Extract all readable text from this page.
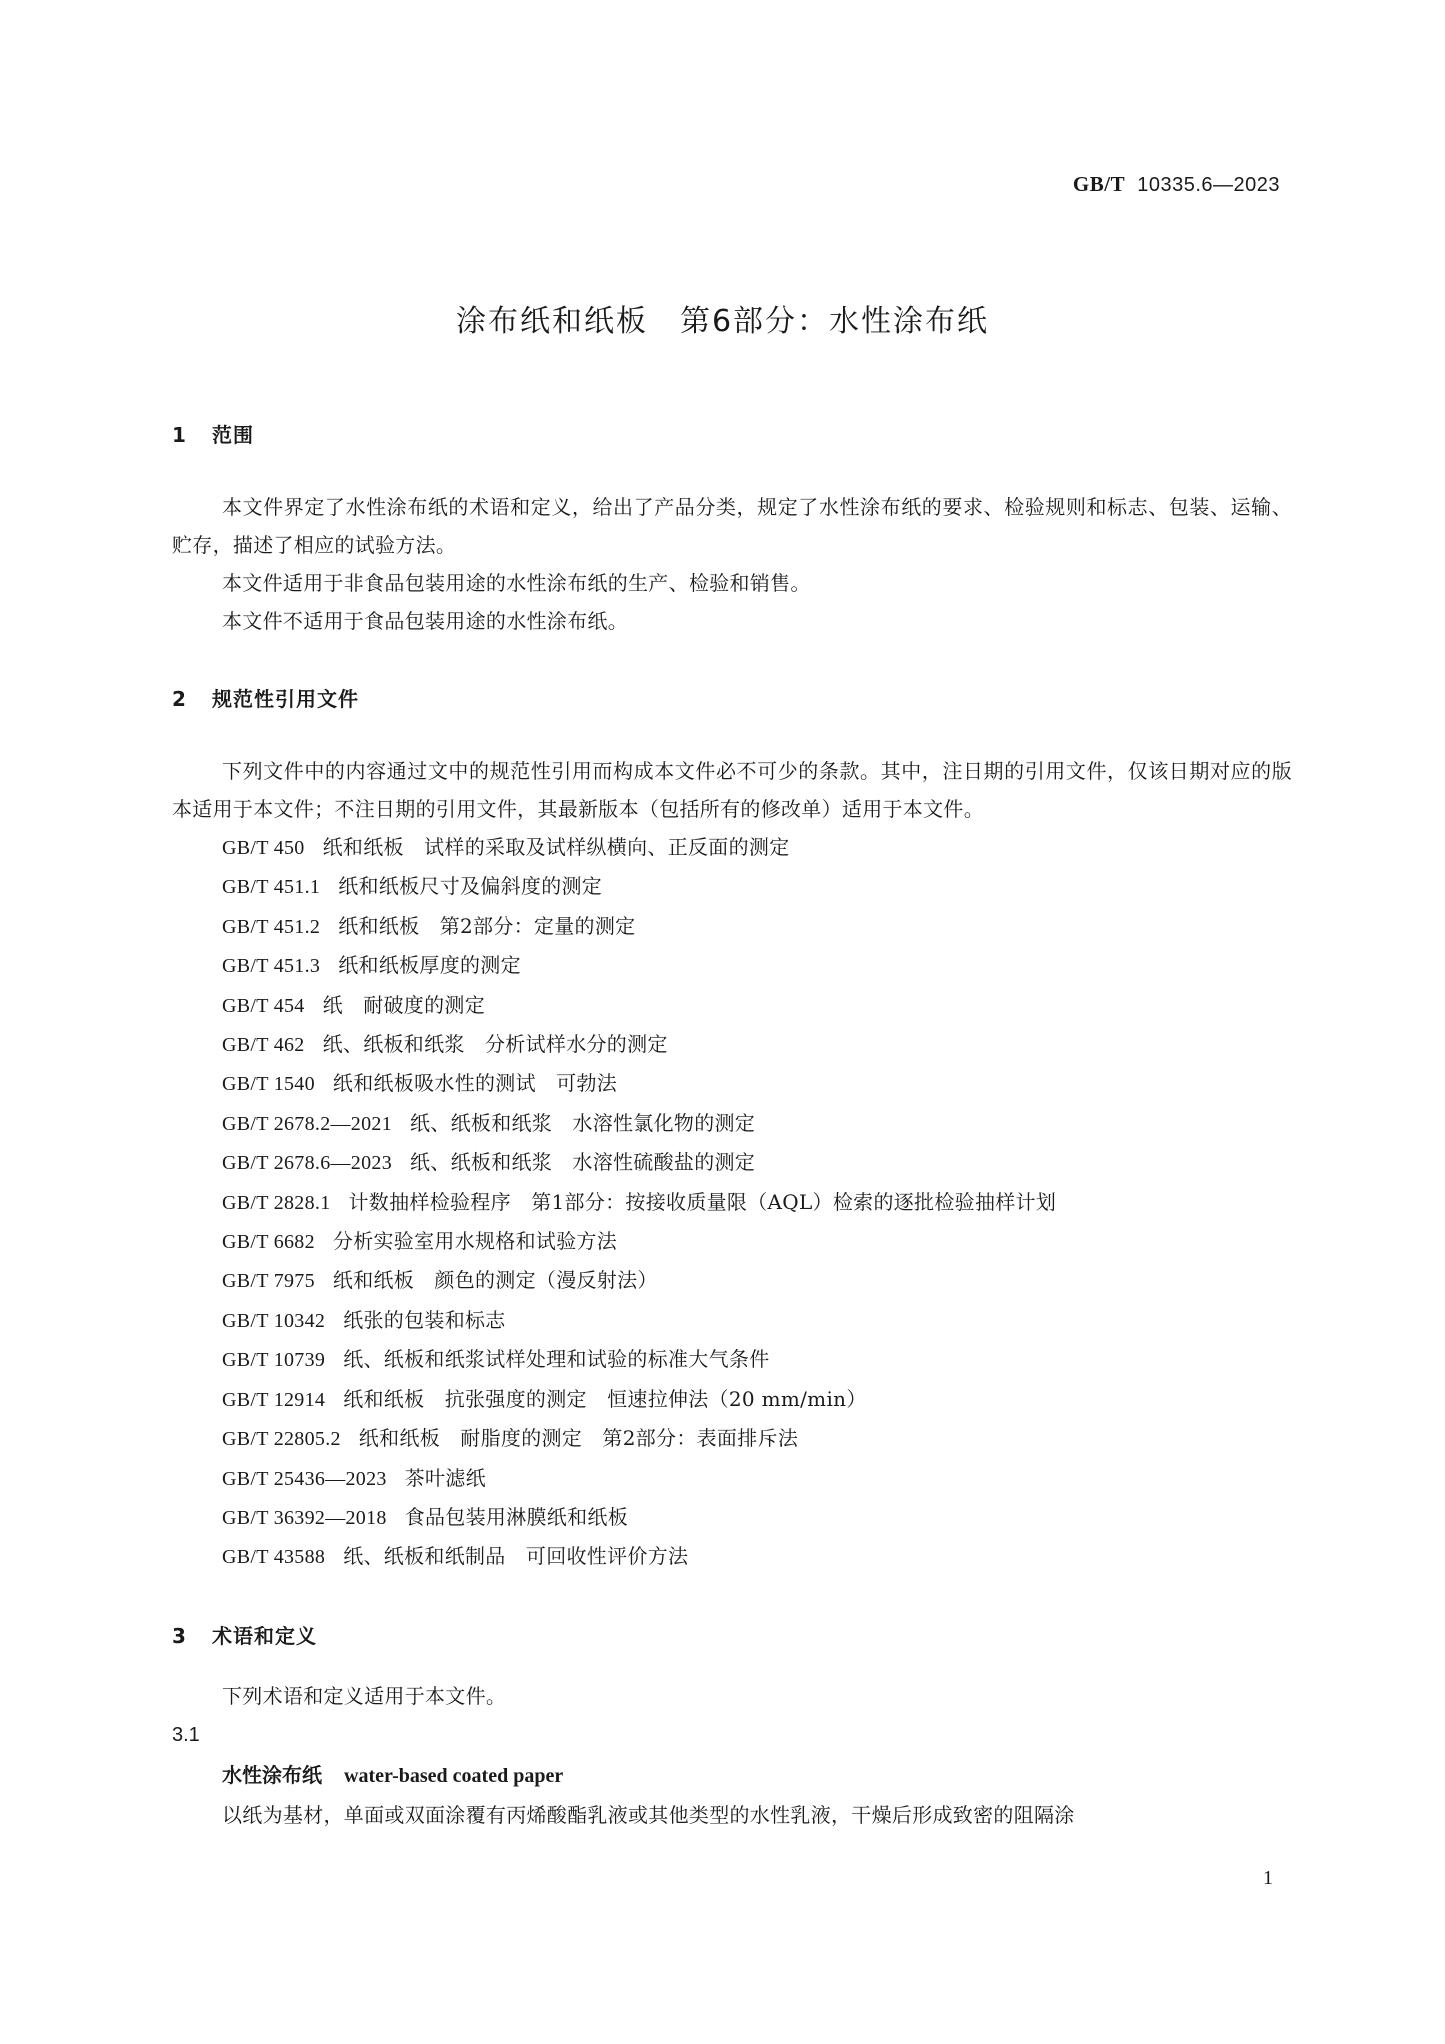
GB/T 10335.6—2023
涂布纸和纸板　第6部分：水性涂布纸
1 范围

本文件界定了水性涂布纸的术语和定义，给出了产品分类，规定了水性涂布纸的要求、检验规则和标志、包装、运输、贮存，描述了相应的试验方法。

本文件适用于非食品包装用途的水性涂布纸的生产、检验和销售。

本文件不适用于食品包装用途的水性涂布纸。

2 规范性引用文件

下列文件中的内容通过文中的规范性引用而构成本文件必不可少的条款。其中，注日期的引用文件，仅该日期对应的版本适用于本文件；不注日期的引用文件，其最新版本（包括所有的修改单）适用于本文件。

GB/T 450 纸和纸板　试样的采取及试样纵横向、正反面的测定
GB/T 451.1 纸和纸板尺寸及偏斜度的测定
GB/T 451.2 纸和纸板　第2部分：定量的测定
GB/T 451.3 纸和纸板厚度的测定
GB/T 454 纸　耐破度的测定
GB/T 462 纸、纸板和纸浆　分析试样水分的测定
GB/T 1540 纸和纸板吸水性的测试　可勃法
GB/T 2678.2—2021 纸、纸板和纸浆　水溶性氯化物的测定
GB/T 2678.6—2023 纸、纸板和纸浆　水溶性硫酸盐的测定
GB/T 2828.1 计数抽样检验程序　第1部分：按接收质量限（AQL）检索的逐批检验抽样计划
GB/T 6682 分析实验室用水规格和试验方法
GB/T 7975 纸和纸板　颜色的测定（漫反射法）
GB/T 10342 纸张的包装和标志
GB/T 10739 纸、纸板和纸浆试样处理和试验的标准大气条件
GB/T 12914 纸和纸板　抗张强度的测定　恒速拉伸法（20 mm/min）
GB/T 22805.2 纸和纸板　耐脂度的测定　第2部分：表面排斥法
GB/T 25436—2023 茶叶滤纸
GB/T 36392—2018 食品包装用淋膜纸和纸板
GB/T 43588 纸、纸板和纸制品　可回收性评价方法
3 术语和定义

下列术语和定义适用于本文件。

3.1

水性涂布纸 water-based coated paper

以纸为基材，单面或双面涂覆有丙烯酸酯乳液或其他类型的水性乳液，干燥后形成致密的阻隔涂

1
